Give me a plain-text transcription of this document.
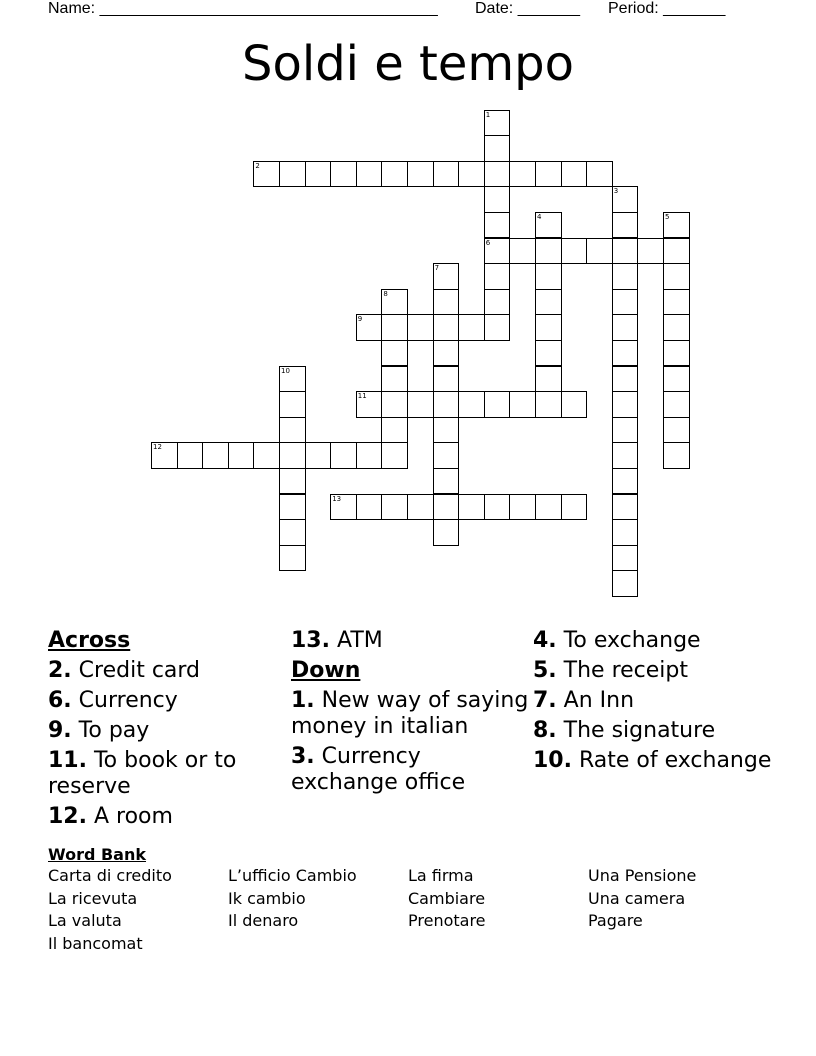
Name: ______________________________________ Date: _______ Period: _______
Soldi e tempo
1
6
2
3
4	5
7
8
9
10
11
12
13
Across
2. Credit card
6. Currency
9. To pay
11. To book or to reserve
12. A room
13. ATM
Down
1. New way of saying money in italian
3. Currency exchange office
4. To exchange
5. The receipt
7. An Inn
8. The signature
10. Rate of exchange
Word Bank
Carta di credito	L’ufficio Cambio	La firma	Una Pensione
La ricevuta	Ik cambio	Cambiare	Una camera
La valuta	Il denaro	Prenotare	Pagare
Il bancomat
